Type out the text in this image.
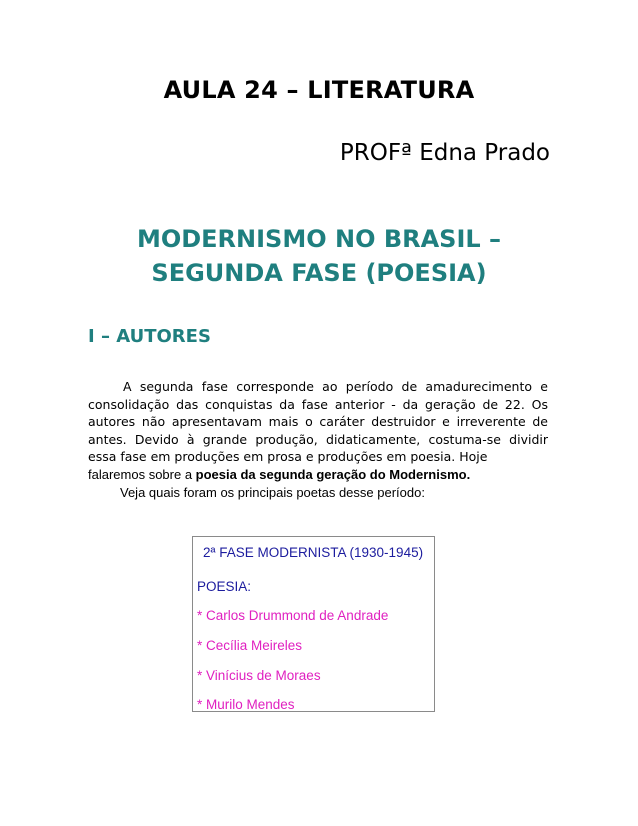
AULA 24 – LITERATURA
PROFª Edna Prado
MODERNISMO NO BRASIL –
SEGUNDA FASE (POESIA)
I – AUTORES

A segunda fase corresponde ao período de amadurecimento e consolidação das conquistas da fase anterior - da geração de 22. Os autores não apresentavam mais o caráter destruidor e irreverente de antes. Devido à grande produção, didaticamente, costuma-se dividir essa fase em produções em prosa e produções em poesia. Hoje

falaremos sobre a poesia da segunda geração do Modernismo.

Veja quais foram os principais poetas desse período:

2ª FASE MODERNISTA (1930-1945)
POESIA:
* Carlos Drummond de Andrade
* Cecília Meireles
* Vinícius de Moraes
* Murilo Mendes
